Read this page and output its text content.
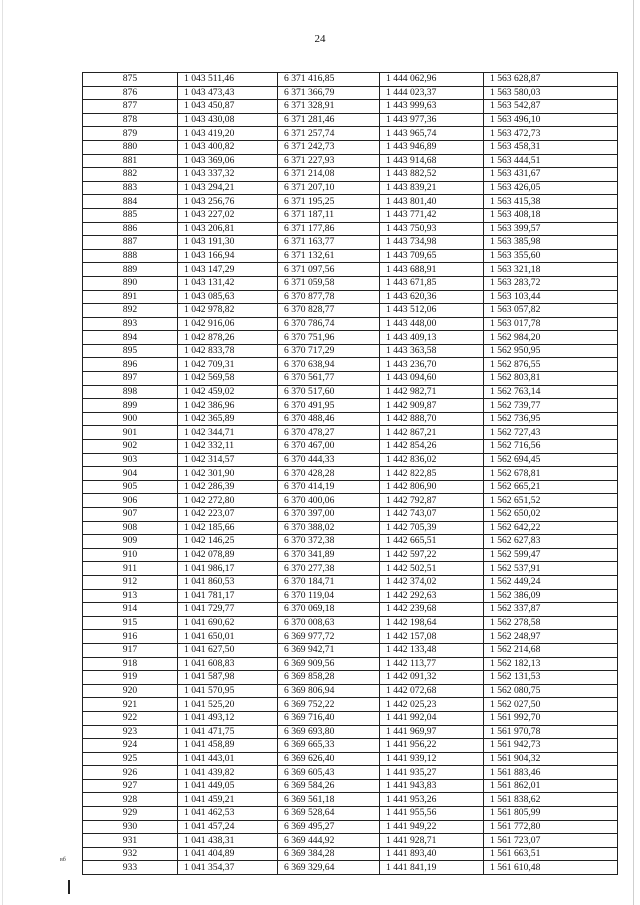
24
875	1 043 511,46	6 371 416,85	1 444 062,96	1 563 628,87
876	1 043 473,43	6 371 366,79	1 444 023,37	1 563 580,03
877	1 043 450,87	6 371 328,91	1 443 999,63	1 563 542,87
878	1 043 430,08	6 371 281,46	1 443 977,36	1 563 496,10
879	1 043 419,20	6 371 257,74	1 443 965,74	1 563 472,73
880	1 043 400,82	6 371 242,73	1 443 946,89	1 563 458,31
881	1 043 369,06	6 371 227,93	1 443 914,68	1 563 444,51
882	1 043 337,32	6 371 214,08	1 443 882,52	1 563 431,67
883	1 043 294,21	6 371 207,10	1 443 839,21	1 563 426,05
884	1 043 256,76	6 371 195,25	1 443 801,40	1 563 415,38
885	1 043 227,02	6 371 187,11	1 443 771,42	1 563 408,18
886	1 043 206,81	6 371 177,86	1 443 750,93	1 563 399,57
887	1 043 191,30	6 371 163,77	1 443 734,98	1 563 385,98
888	1 043 166,94	6 371 132,61	1 443 709,65	1 563 355,60
889	1 043 147,29	6 371 097,56	1 443 688,91	1 563 321,18
890	1 043 131,42	6 371 059,58	1 443 671,85	1 563 283,72
891	1 043 085,63	6 370 877,78	1 443 620,36	1 563 103,44
892	1 042 978,82	6 370 828,77	1 443 512,06	1 563 057,82
893	1 042 916,06	6 370 786,74	1 443 448,00	1 563 017,78
894	1 042 878,26	6 370 751,96	1 443 409,13	1 562 984,20
895	1 042 833,78	6 370 717,29	1 443 363,58	1 562 950,95
896	1 042 709,31	6 370 638,94	1 443 236,70	1 562 876,55
897	1 042 569,58	6 370 561,77	1 443 094,60	1 562 803,81
898	1 042 459,02	6 370 517,60	1 442 982,71	1 562 763,14
899	1 042 386,96	6 370 491,95	1 442 909,87	1 562 739,77
900	1 042 365,89	6 370 488,46	1 442 888,70	1 562 736,95
901	1 042 344,71	6 370 478,27	1 442 867,21	1 562 727,43
902	1 042 332,11	6 370 467,00	1 442 854,26	1 562 716,56
903	1 042 314,57	6 370 444,33	1 442 836,02	1 562 694,45
904	1 042 301,90	6 370 428,28	1 442 822,85	1 562 678,81
905	1 042 286,39	6 370 414,19	1 442 806,90	1 562 665,21
906	1 042 272,80	6 370 400,06	1 442 792,87	1 562 651,52
907	1 042 223,07	6 370 397,00	1 442 743,07	1 562 650,02
908	1 042 185,66	6 370 388,02	1 442 705,39	1 562 642,22
909	1 042 146,25	6 370 372,38	1 442 665,51	1 562 627,83
910	1 042 078,89	6 370 341,89	1 442 597,22	1 562 599,47
911	1 041 986,17	6 370 277,38	1 442 502,51	1 562 537,91
912	1 041 860,53	6 370 184,71	1 442 374,02	1 562 449,24
913	1 041 781,17	6 370 119,04	1 442 292,63	1 562 386,09
914	1 041 729,77	6 370 069,18	1 442 239,68	1 562 337,87
915	1 041 690,62	6 370 008,63	1 442 198,64	1 562 278,58
916	1 041 650,01	6 369 977,72	1 442 157,08	1 562 248,97
917	1 041 627,50	6 369 942,71	1 442 133,48	1 562 214,68
918	1 041 608,83	6 369 909,56	1 442 113,77	1 562 182,13
919	1 041 587,98	6 369 858,28	1 442 091,32	1 562 131,53
920	1 041 570,95	6 369 806,94	1 442 072,68	1 562 080,75
921	1 041 525,20	6 369 752,22	1 442 025,23	1 562 027,50
922	1 041 493,12	6 369 716,40	1 441 992,04	1 561 992,70
923	1 041 471,75	6 369 693,80	1 441 969,97	1 561 970,78
924	1 041 458,89	6 369 665,33	1 441 956,22	1 561 942,73
925	1 041 443,01	6 369 626,40	1 441 939,12	1 561 904,32
926	1 041 439,82	6 369 605,43	1 441 935,27	1 561 883,46
927	1 041 449,05	6 369 584,26	1 441 943,83	1 561 862,01
928	1 041 459,21	6 369 561,18	1 441 953,26	1 561 838,62
929	1 041 462,53	6 369 528,64	1 441 955,56	1 561 805,99
930	1 041 457,24	6 369 495,27	1 441 949,22	1 561 772,80
931	1 041 438,31	6 369 444,92	1 441 928,71	1 561 723,07
932	1 041 404,89	6 369 384,28	1 441 893,40	1 561 663,51
933	1 041 354,37	6 369 329,64	1 441 841,19	1 561 610,48
вб
